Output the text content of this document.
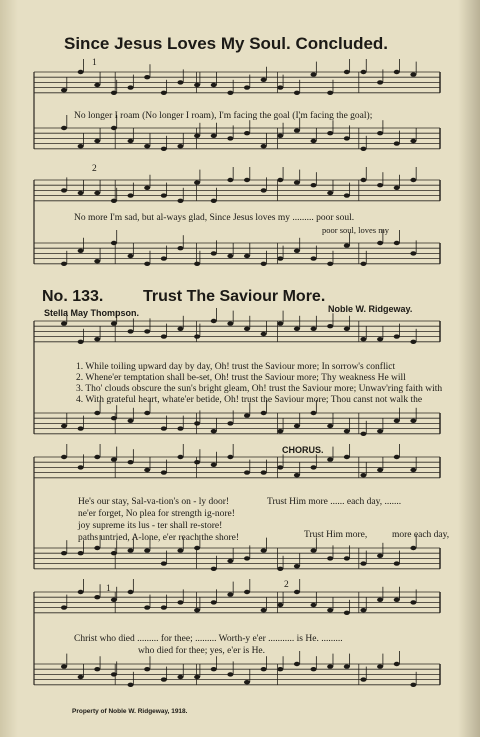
Since Jesus Loves My Soul. Concluded.
1
No longer I roam (No longer I roam), I'm facing the goal (I'm facing the goal);
2
No more I'm sad, but al-ways glad, Since Jesus loves my ......... poor soul.
poor soul, loves my
No. 133. Trust The Saviour More.
Stella May Thompson.	Noble W. Ridgeway.
1. While toiling upward day by day, Oh! trust the Saviour more; In sorrow's conflict
2. Whene'er temptation shall be-set, Oh! trust the Saviour more; Thy weakness He will
3. Tho' clouds obscure the sun's bright gleam, Oh! trust the Saviour more; Unwav'ring faith with
4. With grateful heart, whate'er betide, Oh! trust the Saviour more; Thou canst not walk the
CHORUS.
He's our stay, Sal-va-tion's on - ly door!
ne'er forget, No plea for strength ig-nore!
joy supreme its lus - ter shall re-store!
paths untried, A-lone, e'er reach the shore!
Trust Him more ...... each day, .......
Trust Him more,	more each day,
1	2
Christ who died ......... for thee; ......... Worth-y e'er ........... is He. .........
who died for thee; yes, e'er is He.
Property of Noble W. Ridgeway, 1918.
